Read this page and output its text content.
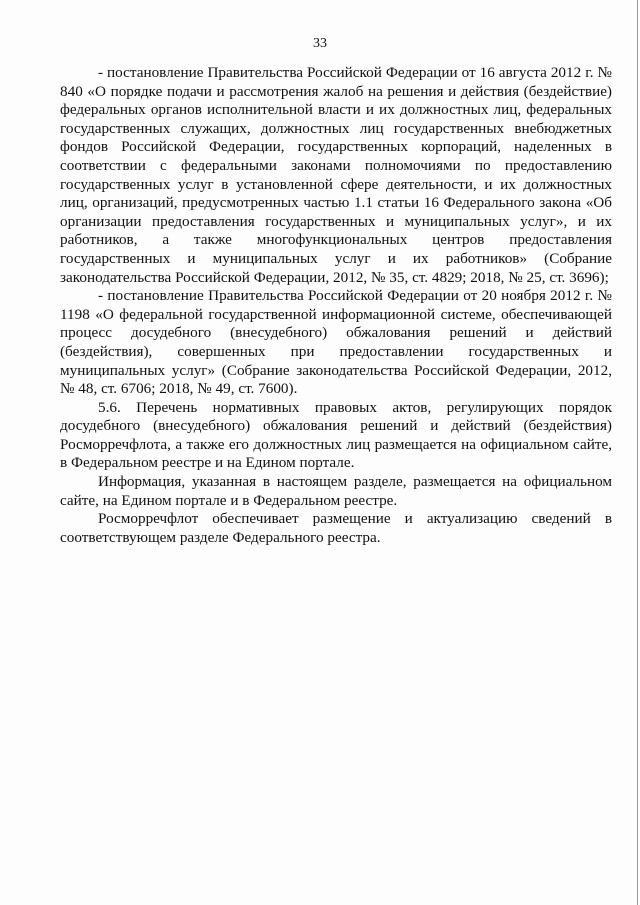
33

- постановление Правительства Российской Федерации от 16 августа 2012 г. № 840 «О порядке подачи и рассмотрения жалоб на решения и действия (бездействие) федеральных органов исполнительной власти и их должностных лиц, федеральных государственных служащих, должностных лиц государственных внебюджетных фондов Российской Федерации, государственных корпораций, наделенных в соответствии с федеральными законами полномочиями по предоставлению государственных услуг в установленной сфере деятельности, и их должностных лиц, организаций, предусмотренных частью 1.1 статьи 16 Федерального закона «Об организации предоставления государственных и муниципальных услуг», и их работников, а также многофункциональных центров предоставления государственных и муниципальных услуг и их работников» (Собрание законодательства Российской Федерации, 2012, № 35, ст. 4829; 2018, № 25, ст. 3696);

- постановление Правительства Российской Федерации от 20 ноября 2012 г. № 1198 «О федеральной государственной информационной системе, обеспечивающей процесс досудебного (внесудебного) обжалования решений и действий (бездействия), совершенных при предоставлении государственных и муниципальных услуг» (Собрание законодательства Российской Федерации, 2012, № 48, ст. 6706; 2018, № 49, ст. 7600).

5.6. Перечень нормативных правовых актов, регулирующих порядок досудебного (внесудебного) обжалования решений и действий (бездействия) Росморречфлота, а также его должностных лиц размещается на официальном сайте, в Федеральном реестре и на Едином портале.

Информация, указанная в настоящем разделе, размещается на официальном сайте, на Едином портале и в Федеральном реестре.

Росморречфлот обеспечивает размещение и актуализацию сведений в соответствующем разделе Федерального реестра.
